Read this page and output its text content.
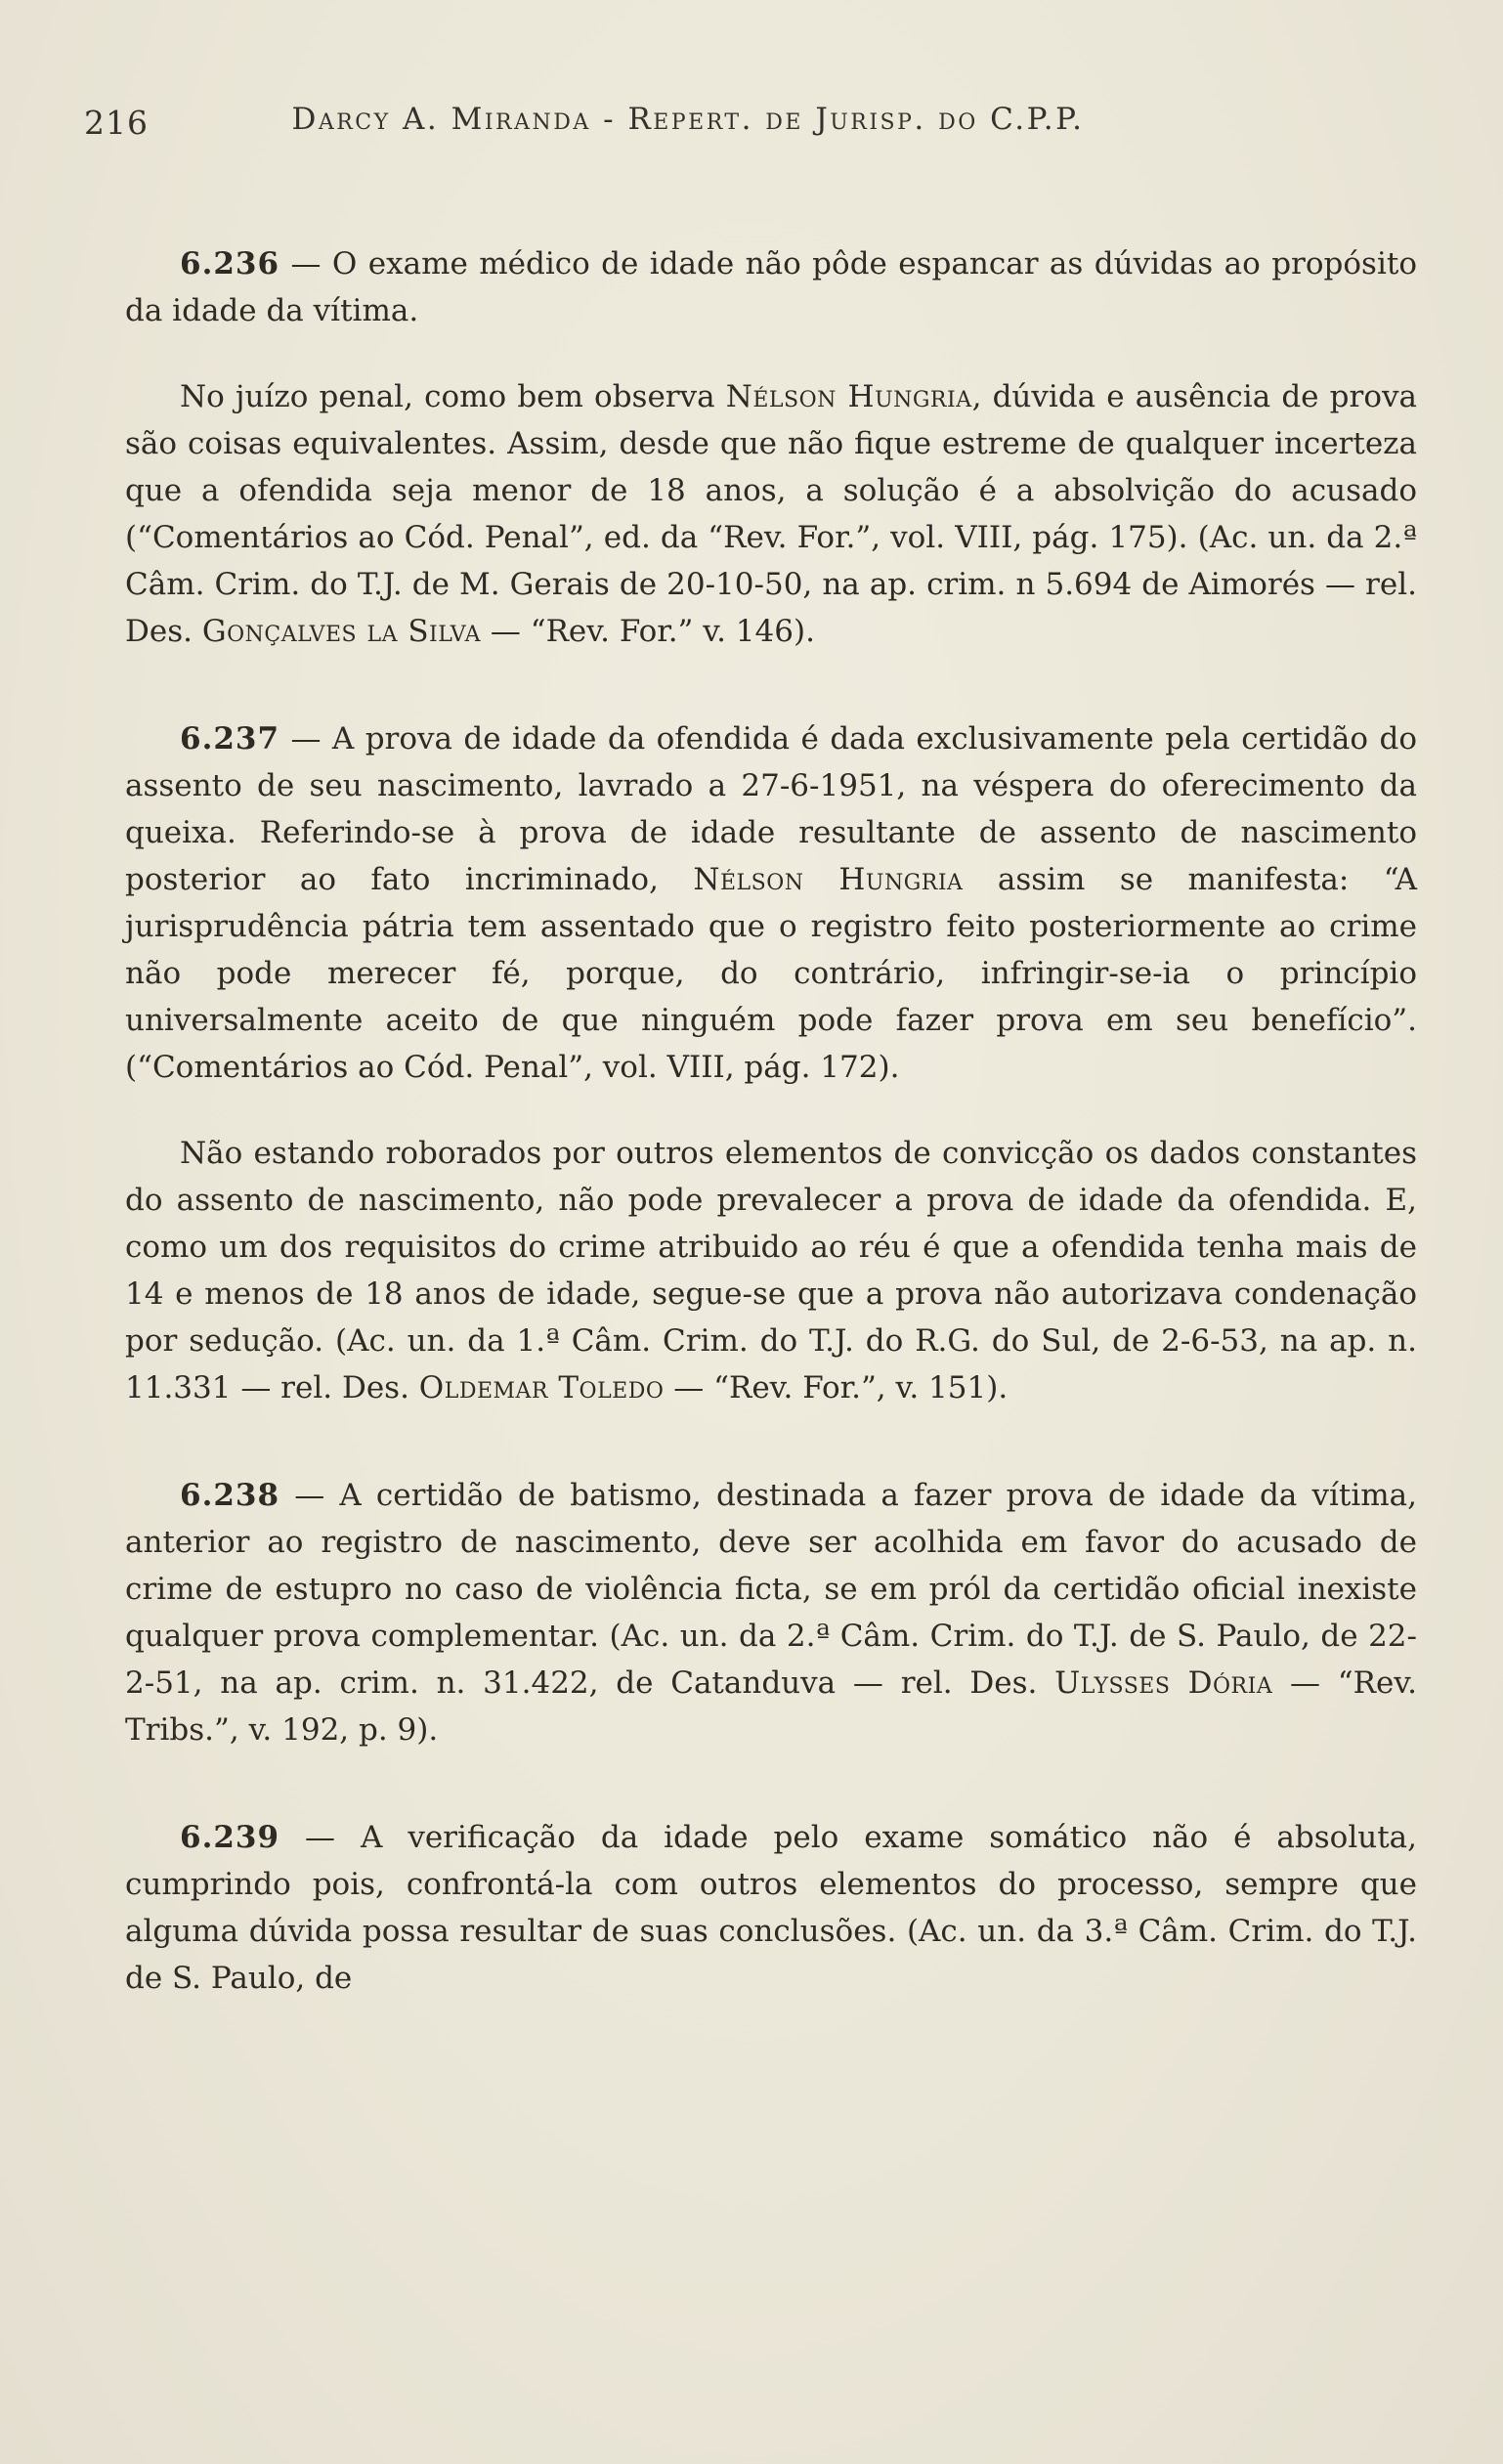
216	Darcy A. Miranda - Repert. de Jurisp. do C.P.P.

6.236 — O exame médico de idade não pôde espancar as dúvidas ao propósito da idade da vítima.

No juízo penal, como bem observa Nélson Hungria, dúvida e ausência de prova são coisas equivalentes. Assim, desde que não fique estreme de qualquer incerteza que a ofendida seja menor de 18 anos, a solução é a absolvição do acusado (“Comentários ao Cód. Penal”, ed. da “Rev. For.”, vol. VIII, pág. 175). (Ac. un. da 2.ª Câm. Crim. do T.J. de M. Gerais de 20-10-50, na ap. crim. n 5.694 de Aimorés — rel. Des. Gonçalves la Silva — “Rev. For.” v. 146).

6.237 — A prova de idade da ofendida é dada exclusivamente pela certidão do assento de seu nascimento, lavrado a 27-6-1951, na véspera do oferecimento da queixa. Referindo-se à prova de idade resultante de assento de nascimento posterior ao fato incriminado, Nélson Hungria assim se manifesta: “A jurisprudência pátria tem assentado que o registro feito posteriormente ao crime não pode merecer fé, porque, do contrário, infringir-se-ia o princípio universalmente aceito de que ninguém pode fazer prova em seu benefício”. (“Comentários ao Cód. Penal”, vol. VIII, pág. 172).

Não estando roborados por outros elementos de convicção os dados constantes do assento de nascimento, não pode prevalecer a prova de idade da ofendida. E, como um dos requisitos do crime atribuido ao réu é que a ofendida tenha mais de 14 e menos de 18 anos de idade, segue-se que a prova não autorizava condenação por sedução. (Ac. un. da 1.ª Câm. Crim. do T.J. do R.G. do Sul, de 2-6-53, na ap. n. 11.331 — rel. Des. Oldemar Toledo — “Rev. For.”, v. 151).

6.238 — A certidão de batismo, destinada a fazer prova de idade da vítima, anterior ao registro de nascimento, deve ser acolhida em favor do acusado de crime de estupro no caso de violência ficta, se em pról da certidão oficial inexiste qualquer prova complementar. (Ac. un. da 2.ª Câm. Crim. do T.J. de S. Paulo, de 22-2-51, na ap. crim. n. 31.422, de Catanduva — rel. Des. Ulysses Dória — “Rev. Tribs.”, v. 192, p. 9).

6.239 — A verificação da idade pelo exame somático não é absoluta, cumprindo pois, confrontá-la com outros elementos do processo, sempre que alguma dúvida possa resultar de suas conclusões. (Ac. un. da 3.ª Câm. Crim. do T.J. de S. Paulo, de
